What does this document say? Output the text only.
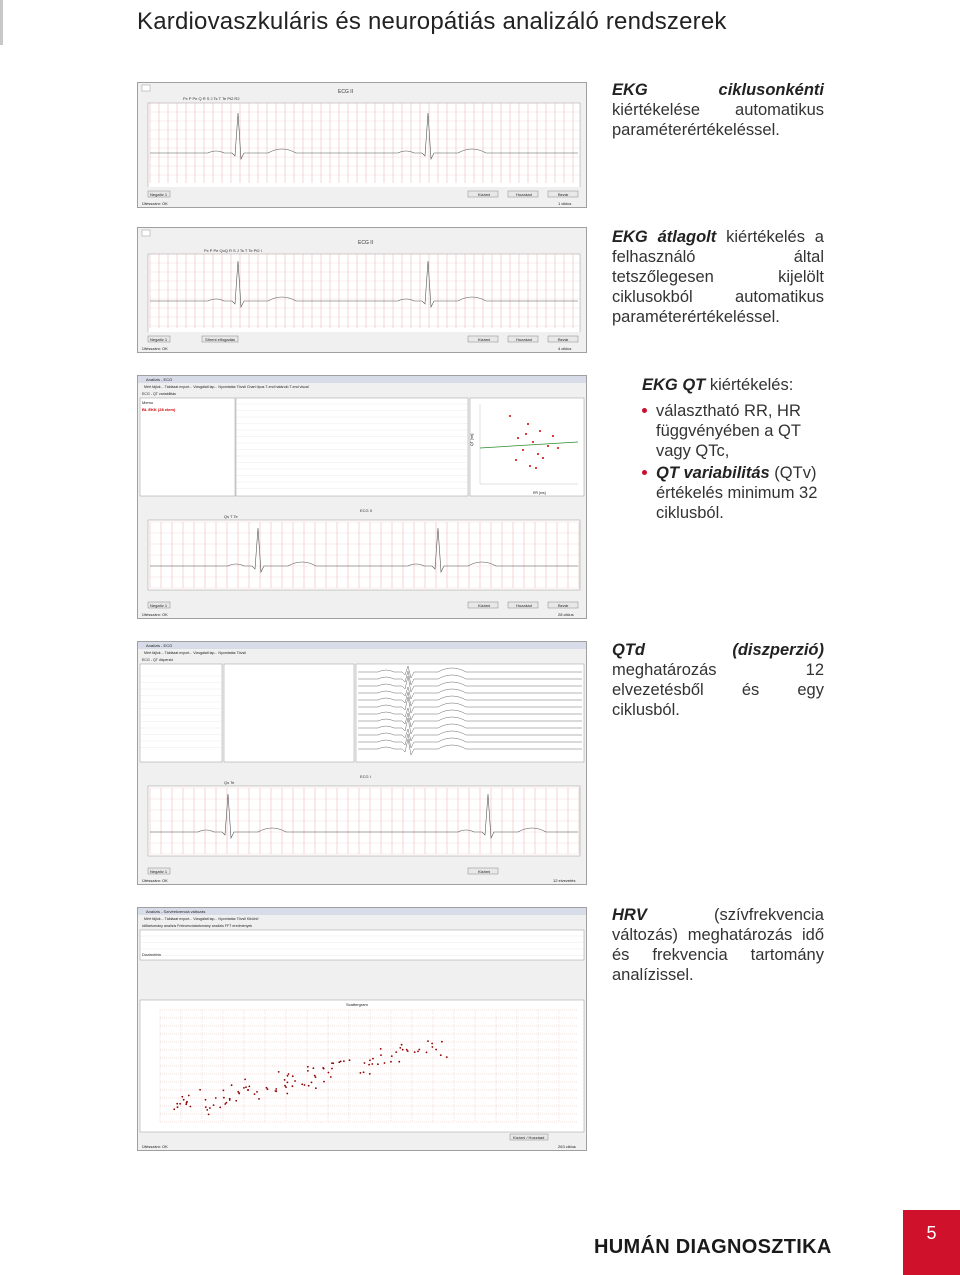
Kardiovaszkuláris és neuropátiás analizáló rendszerek
ECG II
Px P Pe Q R S J Ts T Te Pt2 R2
Negatív 1	Kizárni	Hozzáad	Bezár
Ütésszám: OK	1 ciklus
EKG ciklusonkénti kiértékelése automatikus paraméterértékeléssel.
ECG II
Px P Pe QoQ R S J Ts T Te Pt2 I
Negatív 1	Sőreni elfogadás	Kizárni	Hozzáad	Bezár
Ütésszám: OK	4 ciklus
EKG átlagolt kiértékelés a felhasználó által tetszőlegesen kijelölt ciklusokból automatikus paraméterértékeléssel.
Analízis - ECG
Mért fájlok... Táblázat export... Vizsgálati lap... Nyomtatás Tövsll Chart típus T-end határoló T-end viszal
ECG - QT variabilitás
Memo
BL EKK (28 elem)
QT [ms]
RR [ms]
ECG II
Qs T Te
Negatív 1	Kizárni	Hozzáad	Bezár
Ütésszám: OK	28 ciklus
EKG QT kiértékelés:
választható RR, HR függvényében a QT vagy QTc,
QT variabilitás (QTv) értékelés minimum 32 ciklusból.
Analízis - ECG
Mért fájlok... Táblázat export... Vizsgálati lap... Nyomtatás Tövsll
ECG - QT disperzió
ECG I
Qs Te
Negatív 1	Kizárni
Ütésszám: OK	12 elvezetés
QTd (diszperzió) meghatározás 12 elvezetésből és egy ciklusból.
Analízis - Szívfrekvencia változás
Mért fájlok... Táblázat export... Vizsgálati lap... Nyomtatás Tövsll Kikülni!
Időtartomány analízis Frekvenciatartomány analízis FFT eredmények
Dozimétrin
Scattergram
Kizárni / Hozzáad
Ütésszám: OK	263 ciklus
HRV (szívfrekvencia változás) meghatározás idő és frekvencia tartomány analízissel.
HUMÁN DIAGNOSZTIKA
5
